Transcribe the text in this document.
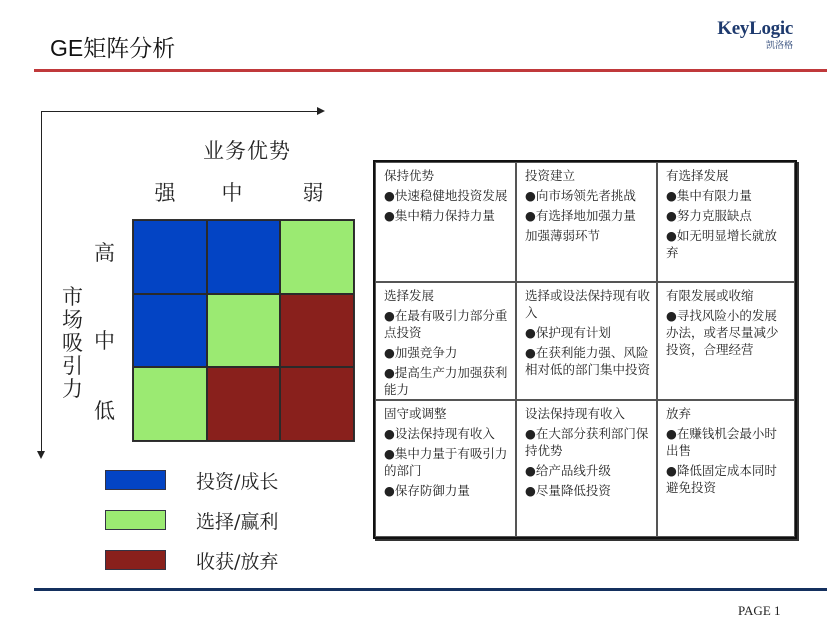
GE矩阵分析
KeyLogic
凯洛格
业务优势
强	中	弱
市场吸引力
高
中
低
投资/成长
选择/赢利
收获/放弃
保持优势
●快速稳健地投资发展
●集中精力保持力量
投资建立
●向市场领先者挑战
●有选择地加强力量
加强薄弱环节
有选择发展
●集中有限力量
●努力克服缺点
●如无明显增长就放弃
选择发展
●在最有吸引力部分重点投资
●加强竞争力
●提高生产力加强获利能力
选择或设法保持现有收入
●保护现有计划
●在获利能力强、风险相对低的部门集中投资
有限发展或收缩
●寻找风险小的发展办法，或者尽量减少投资，合理经营
固守或调整
●设法保持现有收入
●集中力量于有吸引力的部门
●保存防御力量
设法保持现有收入
●在大部分获利部门保持优势
●给产品线升级
●尽量降低投资
放弃
●在赚钱机会最小时出售
●降低固定成本同时避免投资
PAGE 1
